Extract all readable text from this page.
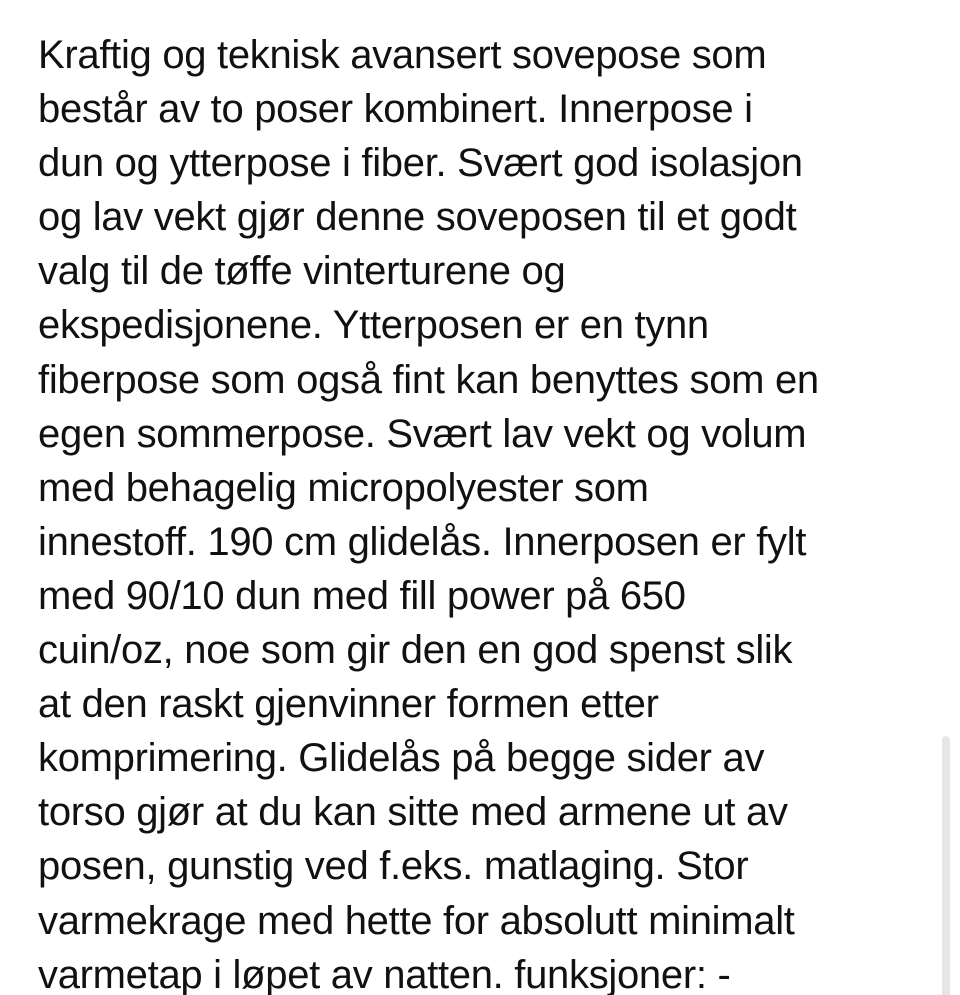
Kraftig og teknisk avansert sovepose som
består av to poser kombinert. Innerpose i
dun og ytterpose i fiber. Svært god isolasjon
og lav vekt gjør denne soveposen til et godt
valg til de tøffe vinterturene og
ekspedisjonene. Ytterposen er en tynn
fiberpose som også fint kan benyttes som en
egen sommerpose. Svært lav vekt og volum
med behagelig micropolyester som
innestoff. 190 cm glidelås. Innerposen er fylt
med 90/10 dun med fill power på 650
cuin/oz, noe som gir den en god spenst slik
at den raskt gjenvinner formen etter
komprimering. Glidelås på begge sider av
torso gjør at du kan sitte med armene ut av
posen, gunstig ved f.eks. matlaging. Stor
varmekrage med hette for absolutt minimalt
varmetap i løpet av natten. funksjoner: -
